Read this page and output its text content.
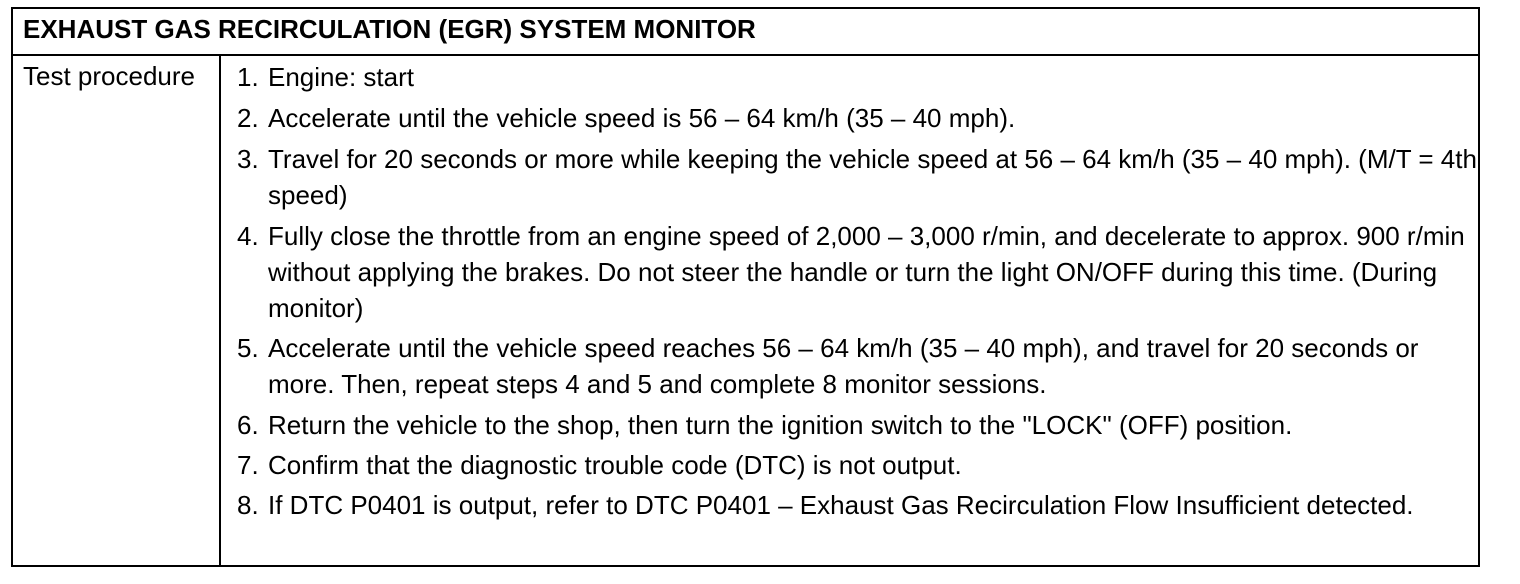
EXHAUST GAS RECIRCULATION (EGR) SYSTEM MONITOR
Test procedure	1. Engine: start
2. Accelerate until the vehicle speed is 56 – 64 km/h (35 – 40 mph).
3. Travel for 20 seconds or more while keeping the vehicle speed at 56 – 64 km/h (35 – 40 mph). (M/T = 4th speed)
4. Fully close the throttle from an engine speed of 2,000 – 3,000 r/min, and decelerate to approx. 900 r/min without applying the brakes. Do not steer the handle or turn the light ON/OFF during this time. (During monitor)
5. Accelerate until the vehicle speed reaches 56 – 64 km/h (35 – 40 mph), and travel for 20 seconds or more. Then, repeat steps 4 and 5 and complete 8 monitor sessions.
6. Return the vehicle to the shop, then turn the ignition switch to the "LOCK" (OFF) position.
7. Confirm that the diagnostic trouble code (DTC) is not output.
8. If DTC P0401 is output, refer to DTC P0401 – Exhaust Gas Recirculation Flow Insufficient detected.
